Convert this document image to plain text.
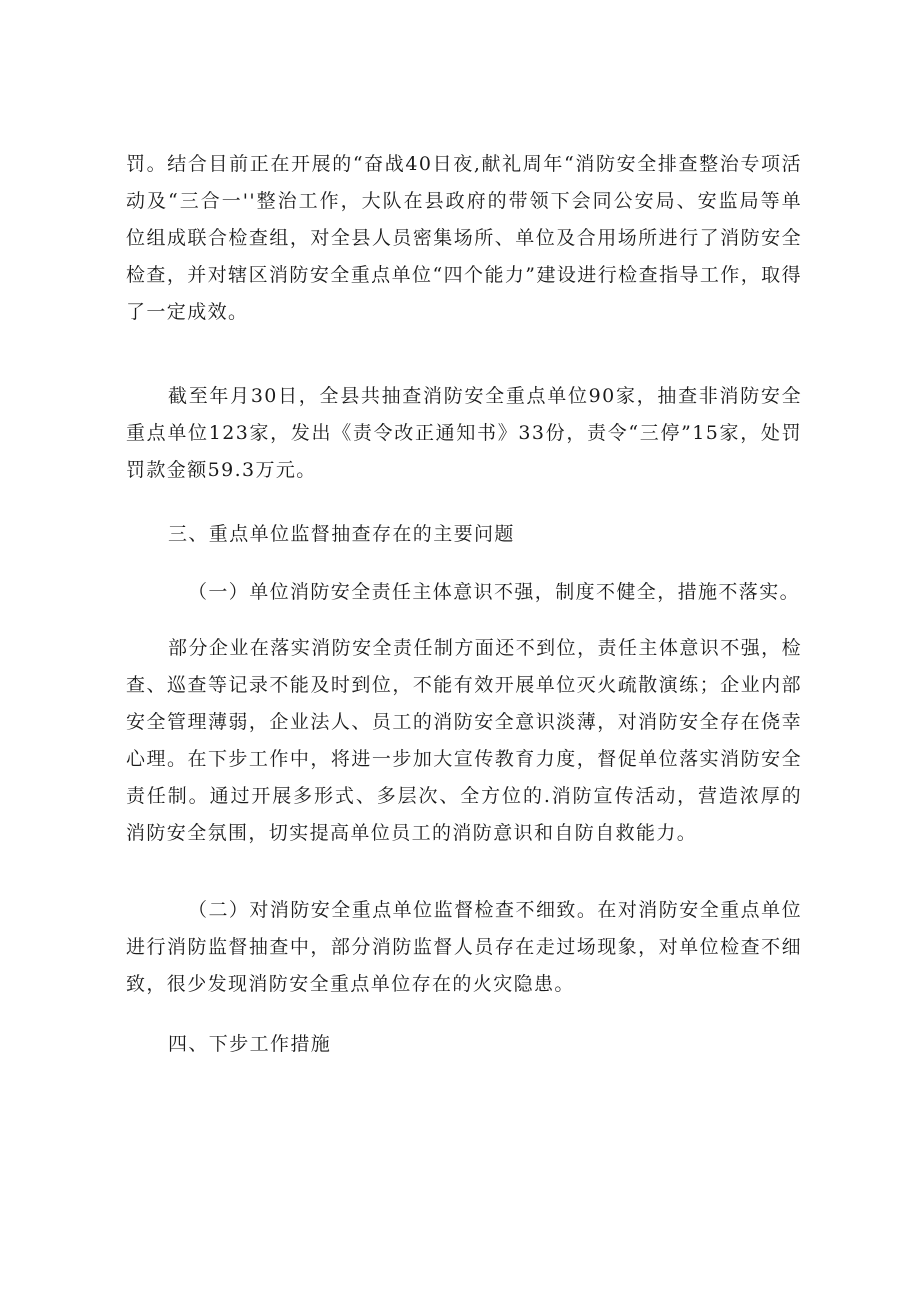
罚。结合目前正在开展的“奋战40日夜,献礼周年“消防安全排查整治专项活动及“三合一''整治工作，大队在县政府的带领下会同公安局、安监局等单位组成联合检查组，对全县人员密集场所、单位及合用场所进行了消防安全检查，并对辖区消防安全重点单位“四个能力”建设进行检查指导工作，取得了一定成效。

截至年月30日，全县共抽查消防安全重点单位90家，抽查非消防安全重点单位123家，发出《责令改正通知书》33份，责令“三停”15家，处罚罚款金额59.3万元。

三、重点单位监督抽查存在的主要问题

（一）单位消防安全责任主体意识不强，制度不健全，措施不落实。

部分企业在落实消防安全责任制方面还不到位，责任主体意识不强，检查、巡查等记录不能及时到位，不能有效开展单位灭火疏散演练；企业内部安全管理薄弱，企业法人、员工的消防安全意识淡薄，对消防安全存在侥幸心理。在下步工作中，将进一步加大宣传教育力度，督促单位落实消防安全责任制。通过开展多形式、多层次、全方位的.消防宣传活动，营造浓厚的消防安全氛围，切实提高单位员工的消防意识和自防自救能力。

（二）对消防安全重点单位监督检查不细致。在对消防安全重点单位进行消防监督抽查中，部分消防监督人员存在走过场现象，对单位检查不细致，很少发现消防安全重点单位存在的火灾隐患。

四、下步工作措施
